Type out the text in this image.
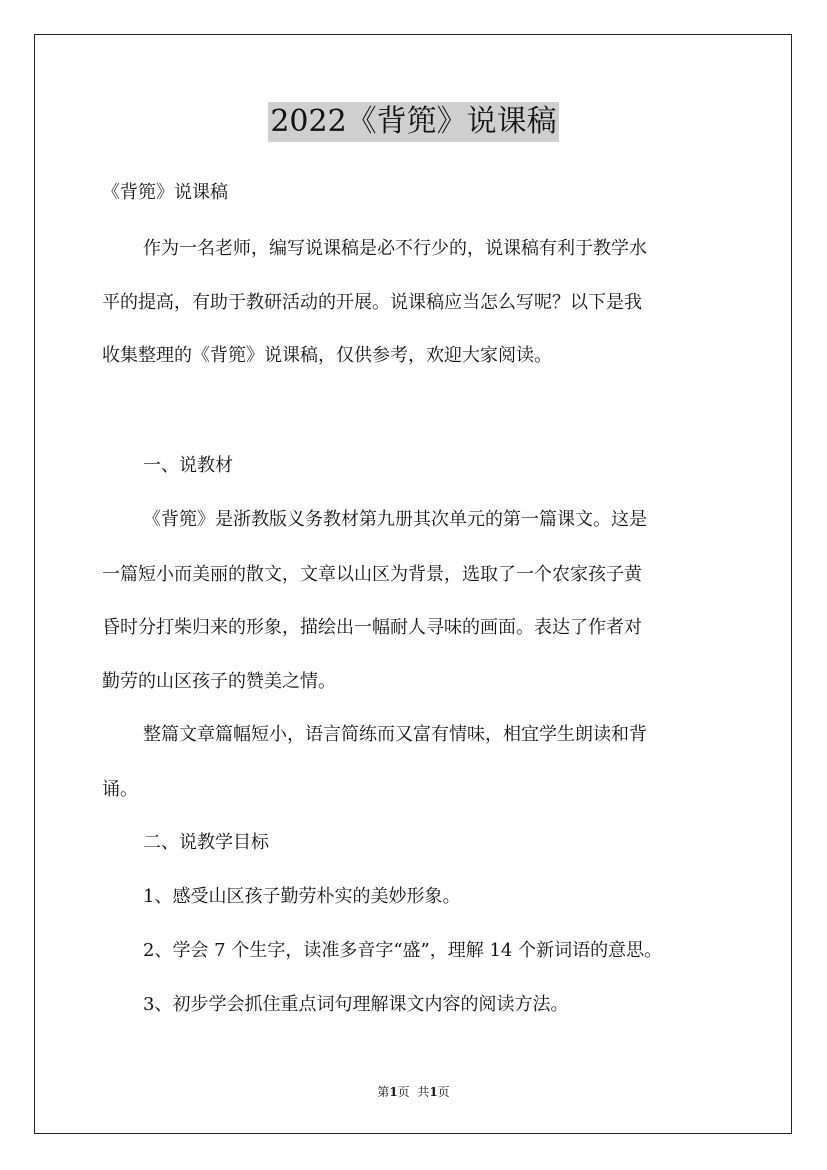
2022《背篼》说课稿
《背篼》说课稿
作为一名老师，编写说课稿是必不行少的，说课稿有利于教学水
平的提高，有助于教研活动的开展。说课稿应当怎么写呢？以下是我
收集整理的《背篼》说课稿，仅供参考，欢迎大家阅读。
一、说教材
《背篼》是浙教版义务教材第九册其次单元的第一篇课文。这是
一篇短小而美丽的散文，文章以山区为背景，选取了一个农家孩子黄
昏时分打柴归来的形象，描绘出一幅耐人寻味的画面。表达了作者对
勤劳的山区孩子的赞美之情。
整篇文章篇幅短小，语言简练而又富有情味，相宜学生朗读和背
诵。
二、说教学目标
1、感受山区孩子勤劳朴实的美妙形象。
2、学会 7 个生字，读准多音字“盛”，理解 14 个新词语的意思。
3、初步学会抓住重点词句理解课文内容的阅读方法。
第1页  共1页
